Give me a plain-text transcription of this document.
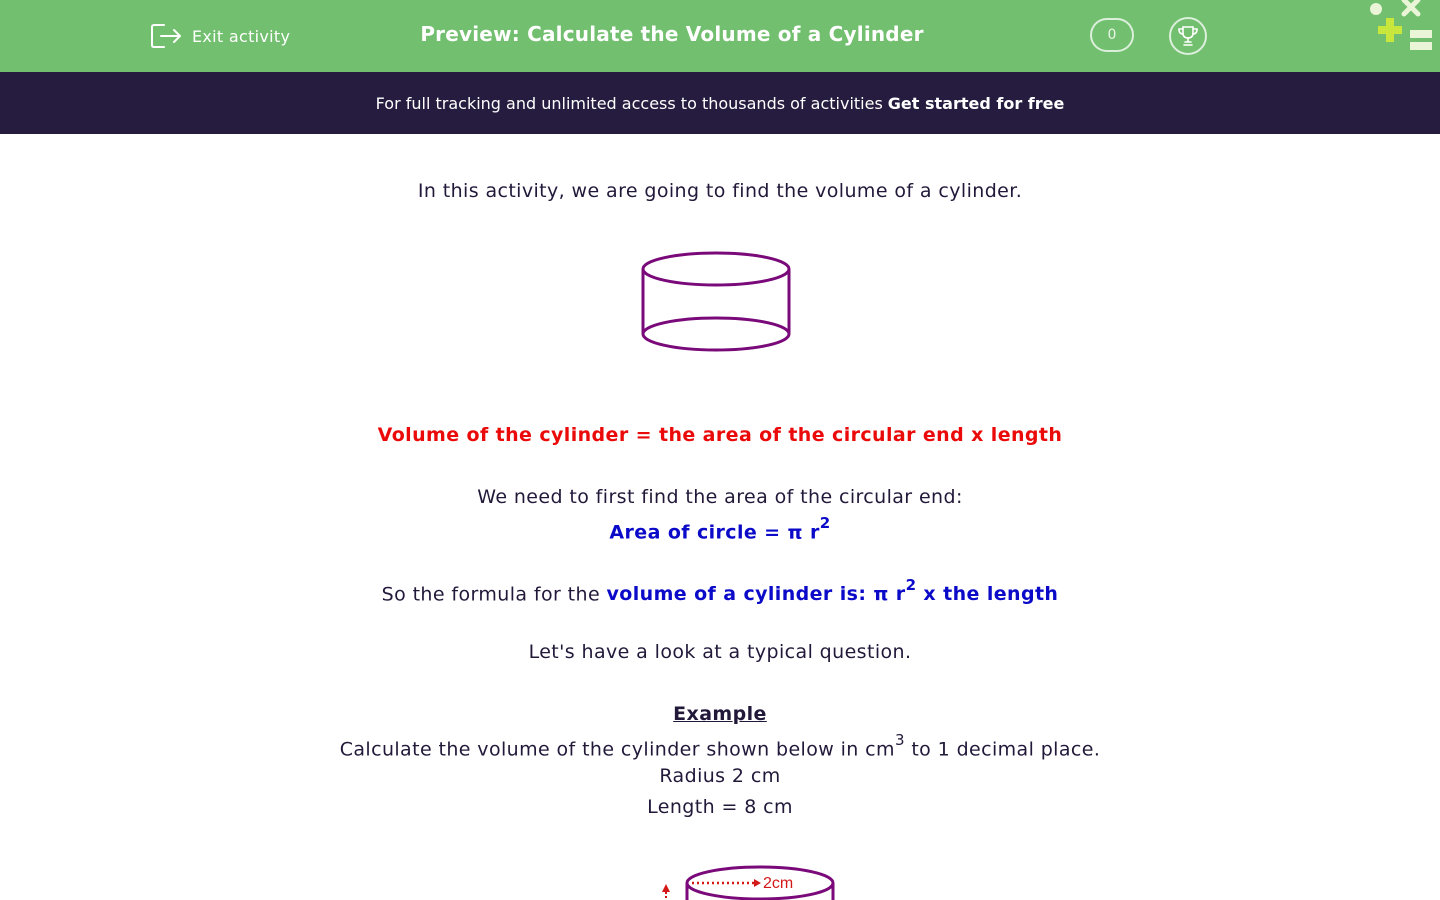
Exit activity	Preview: Calculate the Volume of a Cylinder	0
For full tracking and unlimited access to thousands of activities Get started for free
In this activity, we are going to find the volume of a cylinder.
Volume of the cylinder = the area of the circular end x length
We need to first find the area of the circular end:
Area of circle = π $r^2$
So the formula for the volume of a cylinder is: π $r^2$ x the length
Let's have a look at a typical question.
Example
Calculate the volume of the cylinder shown below in $cm^3$ to 1 decimal place.
Radius 2 cm
Length = 8 cm
2cm
